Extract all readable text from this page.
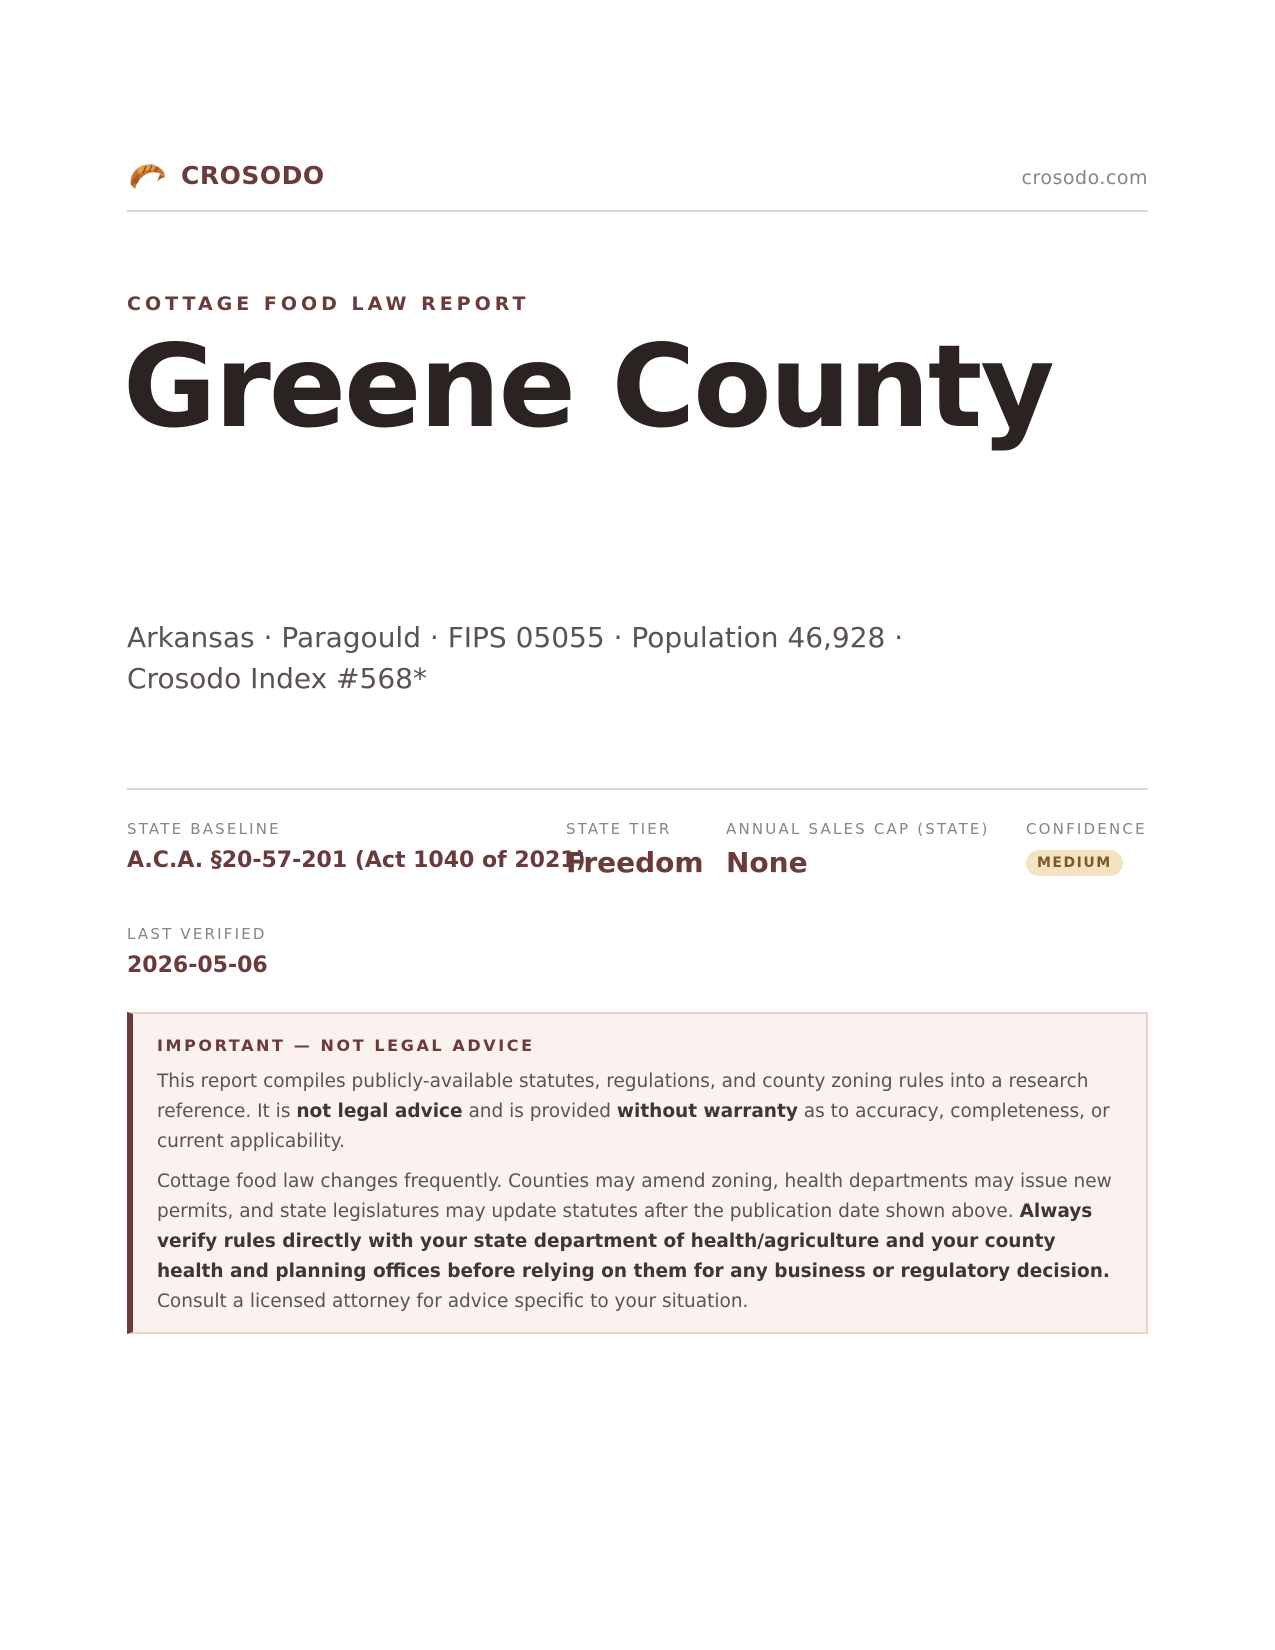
CROSODO	crosodo.com
COTTAGE FOOD LAW REPORT
Greene County
Arkansas · Paragould · FIPS 05055 · Population 46,928 ·
Crosodo Index #568*
STATE BASELINE
A.C.A. §20-57-201 (Act 1040 of 2021)
STATE TIER
Freedom
ANNUAL SALES CAP (STATE)
None
CONFIDENCE
MEDIUM
LAST VERIFIED
2026-05-06
IMPORTANT — NOT LEGAL ADVICE

This report compiles publicly-available statutes, regulations, and county zoning rules into a research reference. It is not legal advice and is provided without warranty as to accuracy, completeness, or current applicability.

Cottage food law changes frequently. Counties may amend zoning, health departments may issue new permits, and state legislatures may update statutes after the publication date shown above. Always verify rules directly with your state department of health/agriculture and your county health and planning offices before relying on them for any business or regulatory decision. Consult a licensed attorney for advice specific to your situation.
